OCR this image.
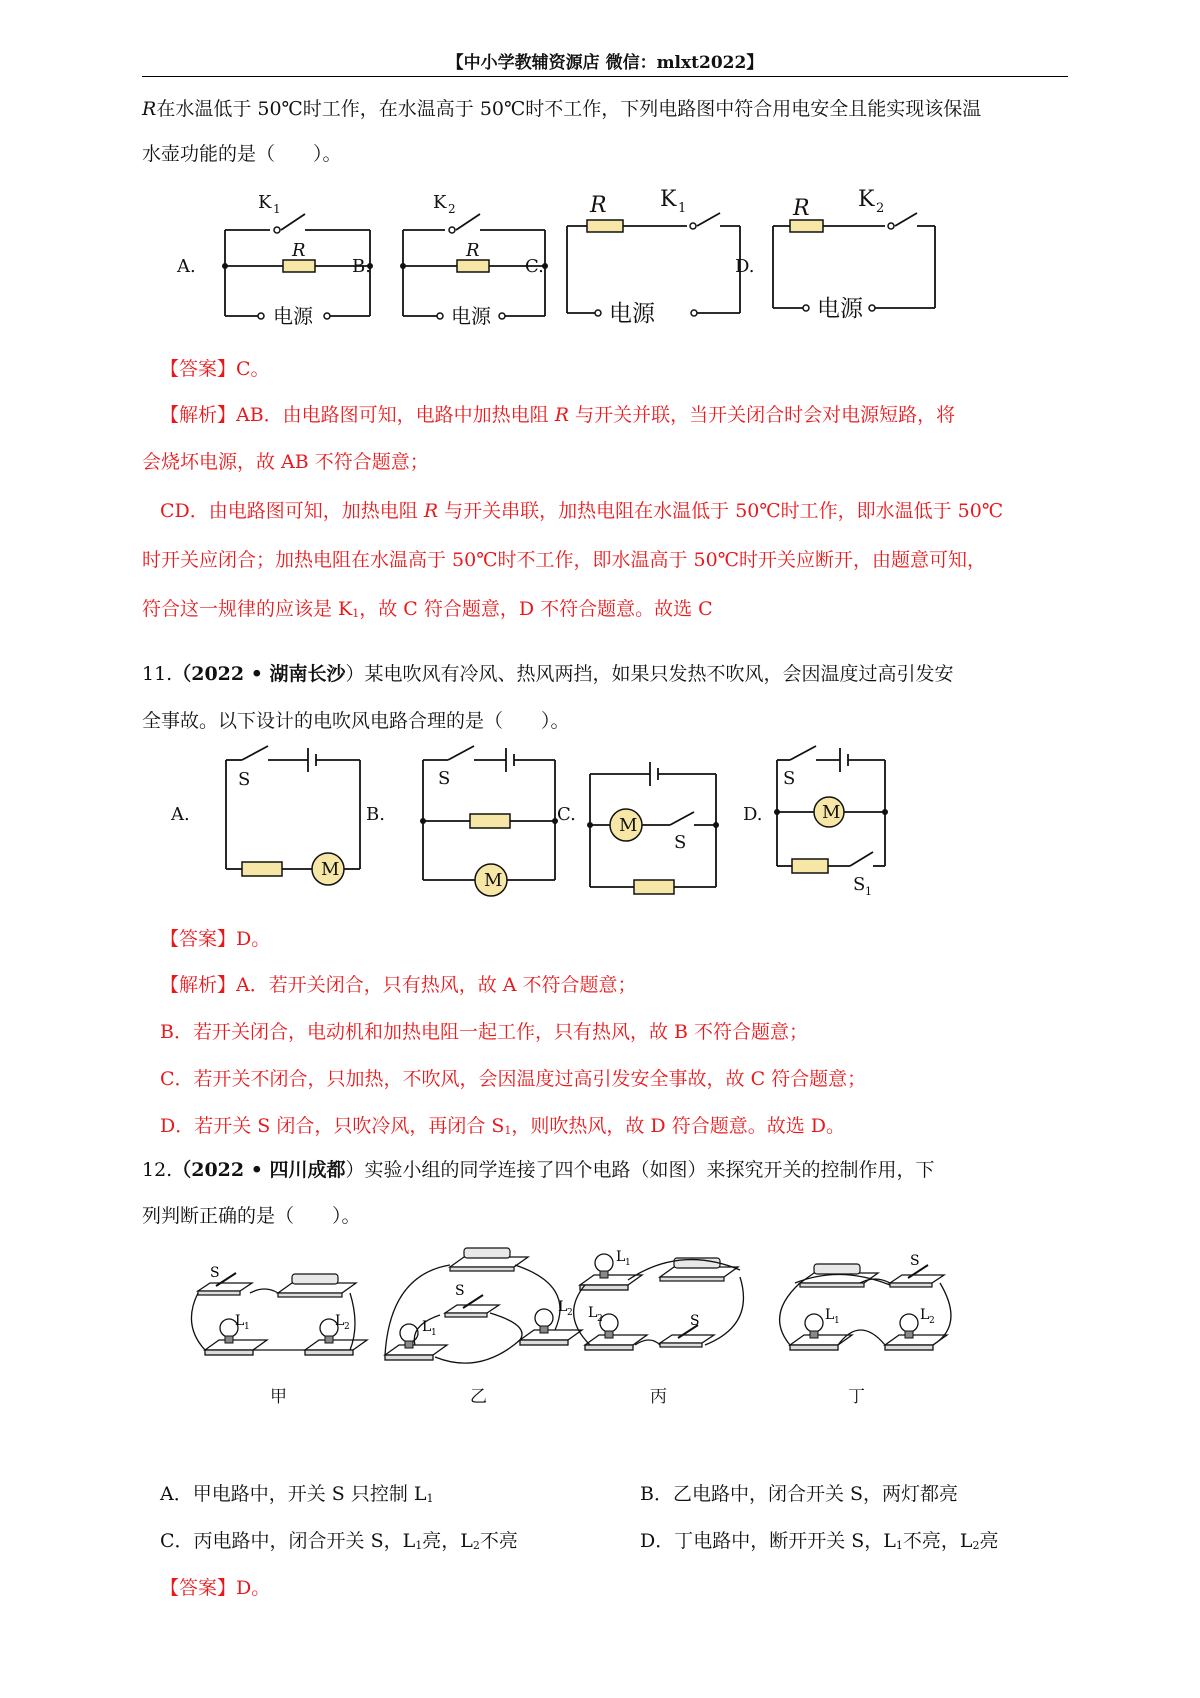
【中小学教辅资源店 微信：mlxt2022】
R在水温低于 50℃时工作，在水温高于 50℃时不工作，下列电路图中符合用电安全且能实现该保温
水壶功能的是（　　）。
A.	B.	C.	D.
K 1	K 2	K 1	K 2
R	R
R	R
电源	电源	电源	电源
【答案】C。
【解析】AB．由电路图可知，电路中加热电阻 R 与开关并联，当开关闭合时会对电源短路，将
会烧坏电源，故 AB 不符合题意；
CD．由电路图可知，加热电阻 R 与开关串联，加热电阻在水温低于 50℃时工作，即水温低于 50℃
时开关应闭合；加热电阻在水温高于 50℃时不工作，即水温高于 50℃时开关应断开，由题意可知，
符合这一规律的应该是 $K_1$，故 C 符合题意，D 不符合题意。故选 C
11.（2022 • 湖南长沙）某电吹风有冷风、热风两挡，如果只发热不吹风，会因温度过高引发安
全事故。以下设计的电吹风电路合理的是（　　）。
A.	B.	C.	D.
S	S
S
S
S 1
M
M
M
M
【答案】D。
【解析】A．若开关闭合，只有热风，故 A 不符合题意；
B．若开关闭合，电动机和加热电阻一起工作，只有热风，故 B 不符合题意；
C．若开关不闭合，只加热，不吹风，会因温度过高引发安全事故，故 C 符合题意；
D．若开关 S 闭合，只吹冷风，再闭合 $S_1$，则吹热风，故 D 符合题意。故选 D。
12.（2022 • 四川成都）实验小组的同学连接了四个电路（如图）来探究开关的控制作用，下
列判断正确的是（　　）。
S
L 1	L 2
S
L 1
L 2
L 1
L 2	S
S
L 1	L 2
甲	乙	丙	丁
A．甲电路中，开关 S 只控制 $L_1$	B．乙电路中，闭合开关 S，两灯都亮
C．丙电路中，闭合开关 S，$L_1$亮，$L_2$不亮	D．丁电路中，断开开关 S，$L_1$不亮，$L_2$亮
【答案】D。
